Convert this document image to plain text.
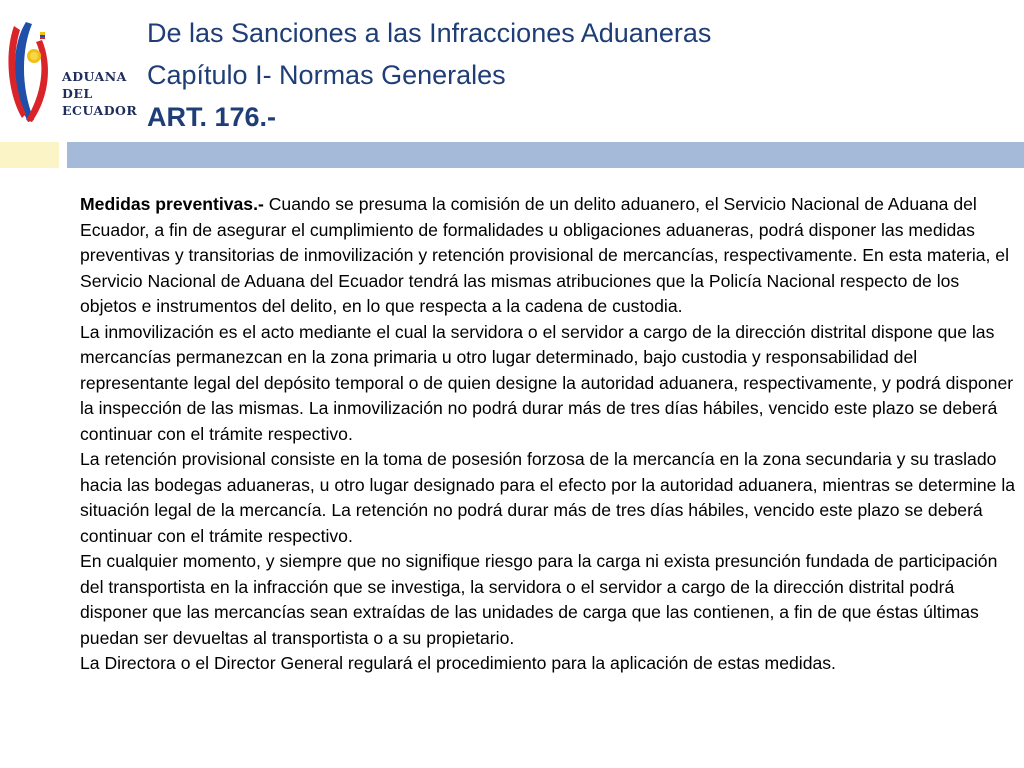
ADUANA
DEL
ECUADOR
De las Sanciones a las Infracciones Aduaneras
Capítulo I- Normas Generales
ART. 176.-

Medidas preventivas.- Cuando se presuma la comisión de un delito aduanero, el Servicio Nacional de Aduana del Ecuador, a fin de asegurar el cumplimiento de formalidades u obligaciones aduaneras, podrá disponer las medidas preventivas y transitorias de inmovilización y retención provisional de mercancías, respectivamente. En esta materia, el Servicio Nacional de Aduana del Ecuador tendrá las mismas atribuciones que la Policía Nacional respecto de los objetos e instrumentos del delito, en lo que respecta a la cadena de custodia.

La inmovilización es el acto mediante el cual la servidora o el servidor a cargo de la dirección distrital dispone que las mercancías permanezcan en la zona primaria u otro lugar determinado, bajo custodia y responsabilidad del representante legal del depósito temporal o de quien designe la autoridad aduanera, respectivamente, y podrá disponer la inspección de las mismas. La inmovilización no podrá durar más de tres días hábiles, vencido este plazo se deberá continuar con el trámite respectivo.

La retención provisional consiste en la toma de posesión forzosa de la mercancía en la zona secundaria y su traslado hacia las bodegas aduaneras, u otro lugar designado para el efecto por la autoridad aduanera, mientras se determine la situación legal de la mercancía. La retención no podrá durar más de tres días hábiles, vencido este plazo se deberá continuar con el trámite respectivo.

En cualquier momento, y siempre que no signifique riesgo para la carga ni exista presunción fundada de participación del transportista en la infracción que se investiga, la servidora o el servidor a cargo de la dirección distrital podrá disponer que las mercancías sean extraídas de las unidades de carga que las contienen, a fin de que éstas últimas puedan ser devueltas al transportista o a su propietario.

La Directora o el Director General regulará el procedimiento para la aplicación de estas medidas.
